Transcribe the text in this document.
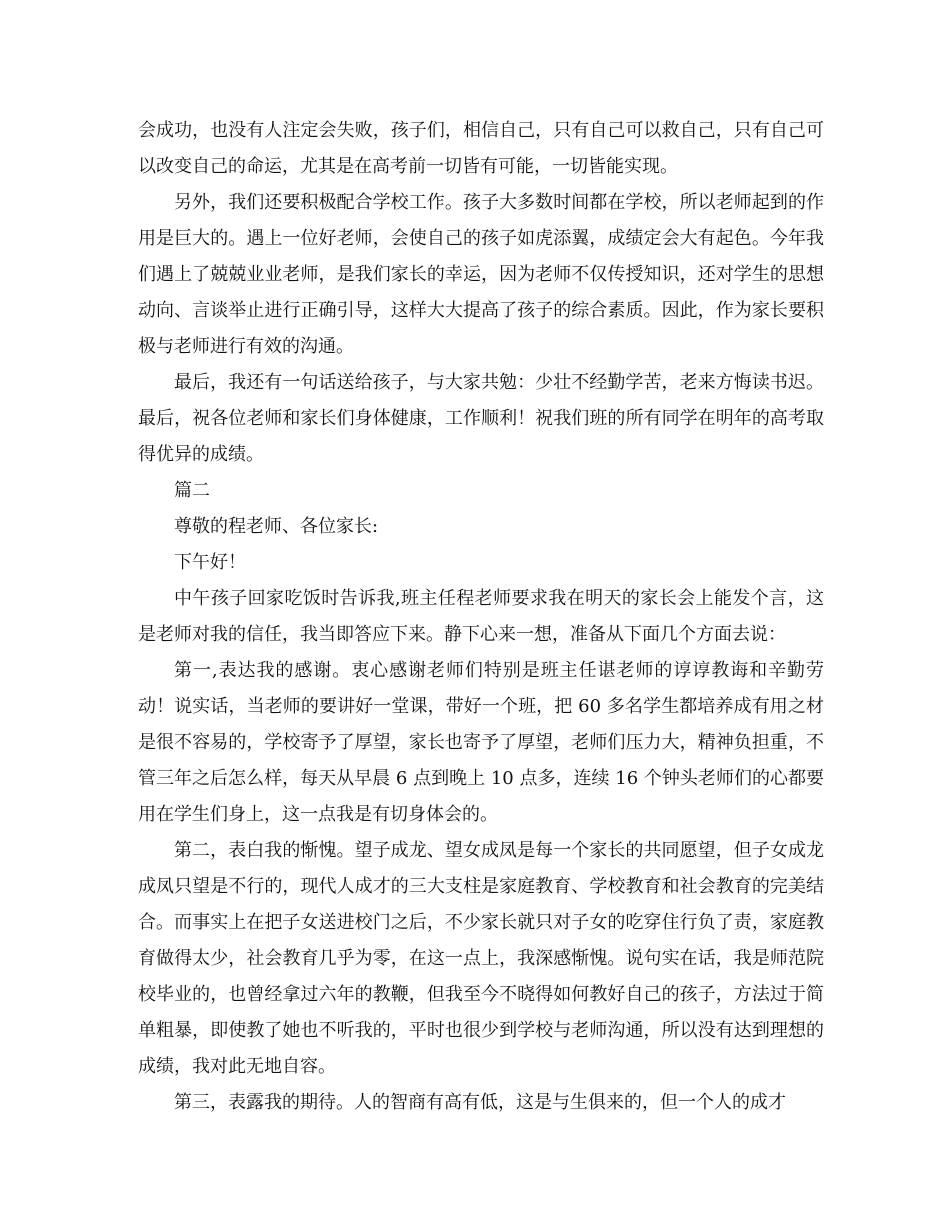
会成功，也没有人注定会失败，孩子们，相信自己，只有自己可以救自己，只有自己可以改变自己的命运，尤其是在高考前一切皆有可能，一切皆能实现。

另外，我们还要积极配合学校工作。孩子大多数时间都在学校，所以老师起到的作用是巨大的。遇上一位好老师，会使自己的孩子如虎添翼，成绩定会大有起色。今年我们遇上了兢兢业业老师，是我们家长的幸运，因为老师不仅传授知识，还对学生的思想动向、言谈举止进行正确引导，这样大大提高了孩子的综合素质。因此，作为家长要积极与老师进行有效的沟通。

最后，我还有一句话送给孩子，与大家共勉：少壮不经勤学苦，老来方悔读书迟。最后，祝各位老师和家长们身体健康，工作顺利！祝我们班的所有同学在明年的高考取得优异的成绩。

篇二

尊敬的程老师、各位家长:

下午好！

中午孩子回家吃饭时告诉我,班主任程老师要求我在明天的家长会上能发个言，这是老师对我的信任，我当即答应下来。静下心来一想，准备从下面几个方面去说：

第一,表达我的感谢。衷心感谢老师们特别是班主任谌老师的谆谆教诲和辛勤劳动！说实话，当老师的要讲好一堂课，带好一个班，把 60 多名学生都培养成有用之材是很不容易的，学校寄予了厚望，家长也寄予了厚望，老师们压力大，精神负担重，不管三年之后怎么样，每天从早晨 6 点到晚上 10 点多，连续 16 个钟头老师们的心都要用在学生们身上，这一点我是有切身体会的。

第二，表白我的惭愧。望子成龙、望女成凤是每一个家长的共同愿望，但子女成龙成凤只望是不行的，现代人成才的三大支柱是家庭教育、学校教育和社会教育的完美结合。而事实上在把子女送进校门之后，不少家长就只对子女的吃穿住行负了责，家庭教育做得太少，社会教育几乎为零，在这一点上，我深感惭愧。说句实在话，我是师范院校毕业的，也曾经拿过六年的教鞭，但我至今不晓得如何教好自己的孩子，方法过于简单粗暴，即使教了她也不听我的，平时也很少到学校与老师沟通，所以没有达到理想的成绩，我对此无地自容。

第三，表露我的期待。人的智商有高有低，这是与生俱来的，但一个人的成才
